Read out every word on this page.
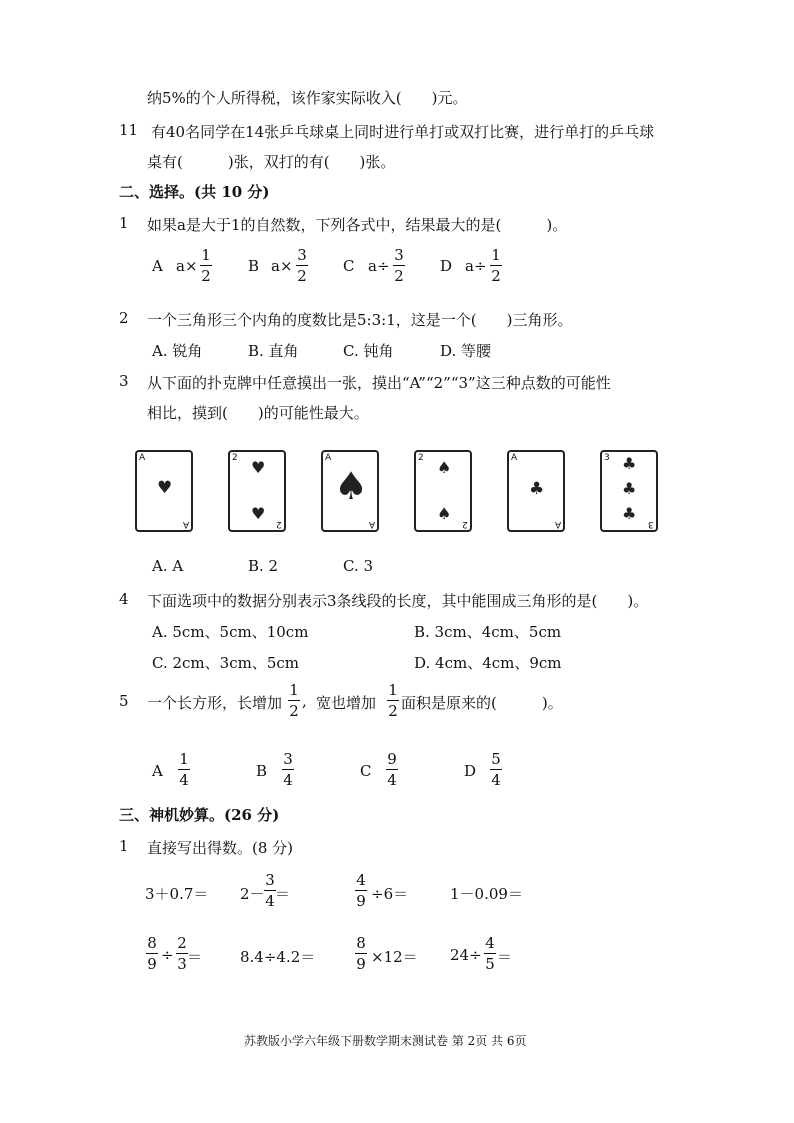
纳5%的个人所得税，该作家实际收入(　　)元。
11 有40名同学在14张乒乓球桌上同时进行单打或双打比赛，进行单打的乒乓球
桌有(　　　)张，双打的有(　　)张。
二、选择。(共 10 分)
1 如果a是大于1的自然数，下列各式中，结果最大的是(　　　)。
A a×
1
2
B a×
3
2
C a÷
3
2
D a÷
1
2
2 一个三角形三个内角的度数比是5:3:1，这是一个(　　)三角形。
A. 锐角	B. 直角	C. 钝角	D. 等腰
3 从下面的扑克牌中任意摸出一张，摸出“A”“2”“3”这三种点数的可能性
相比，摸到(　　)的可能性最大。
A
♥
A
2 ♥
♥
2
A
♠
A
2 ♠
♠
2
A
♣
A
3 ♣
♣
♣
3
A. A	B. 2	C. 3
4 下面选项中的数据分别表示3条线段的长度，其中能围成三角形的是(　　)。
A. 5cm、5cm、10cm	B. 3cm、4cm、5cm
C. 2cm、3cm、5cm	D. 4cm、4cm、9cm
5 一个长方形，长增加
1
2
, 宽也增加
1
2 面积是原来的(　　　)。
A
1
4	B
3
4	C
9
4	D
5
4
三、神机妙算。(26 分)
1 直接写出得数。(8 分)
3＋0.7＝ 2－
3
4 ＝
4
9 ÷6＝	1－0.09＝
8
9 ÷
2
3 ＝	8.4÷4.2＝
8
9 ×12＝ 24÷
4
5 ＝
苏教版小学六年级下册数学期末测试卷 第 2页 共 6页
